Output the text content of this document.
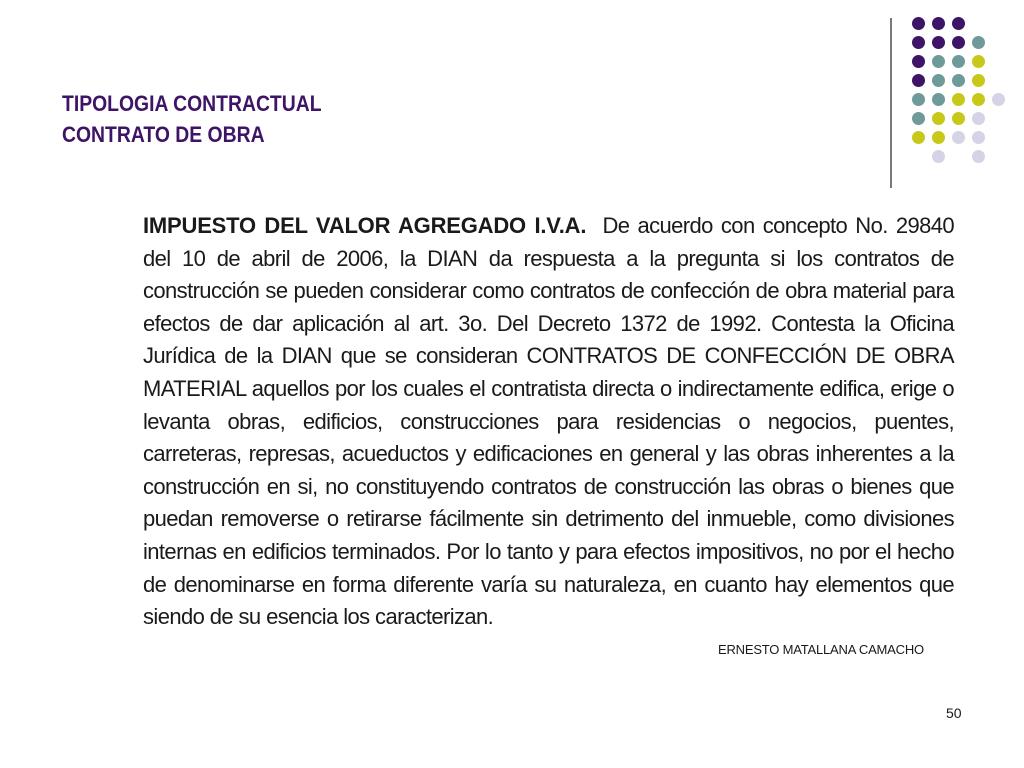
TIPOLOGIA CONTRACTUAL
CONTRATO DE OBRA

IMPUESTO DEL VALOR AGREGADO I.V.A. De acuerdo con concepto No. 29840 del 10 de abril de 2006, la DIAN da respuesta a la pregunta si los contratos de construcción se pueden considerar como contratos de confección de obra material para efectos de dar aplicación al art. 3o. Del Decreto 1372 de 1992. Contesta la Oficina Jurídica de la DIAN que se consideran CONTRATOS DE CONFECCIÓN DE OBRA MATERIAL aquellos por los cuales el contratista directa o indirectamente edifica, erige o levanta obras, edificios, construcciones para residencias o negocios, puentes, carreteras, represas, acueductos y edificaciones en general y las obras inherentes a la construcción en si, no constituyendo contratos de construcción las obras o bienes que puedan removerse o retirarse fácilmente sin detrimento del inmueble, como divisiones internas en edificios terminados. Por lo tanto y para efectos impositivos, no por el hecho de denominarse en forma diferente varía su naturaleza, en cuanto hay elementos que siendo de su esencia los caracterizan.

ERNESTO MATALLANA CAMACHO
50
